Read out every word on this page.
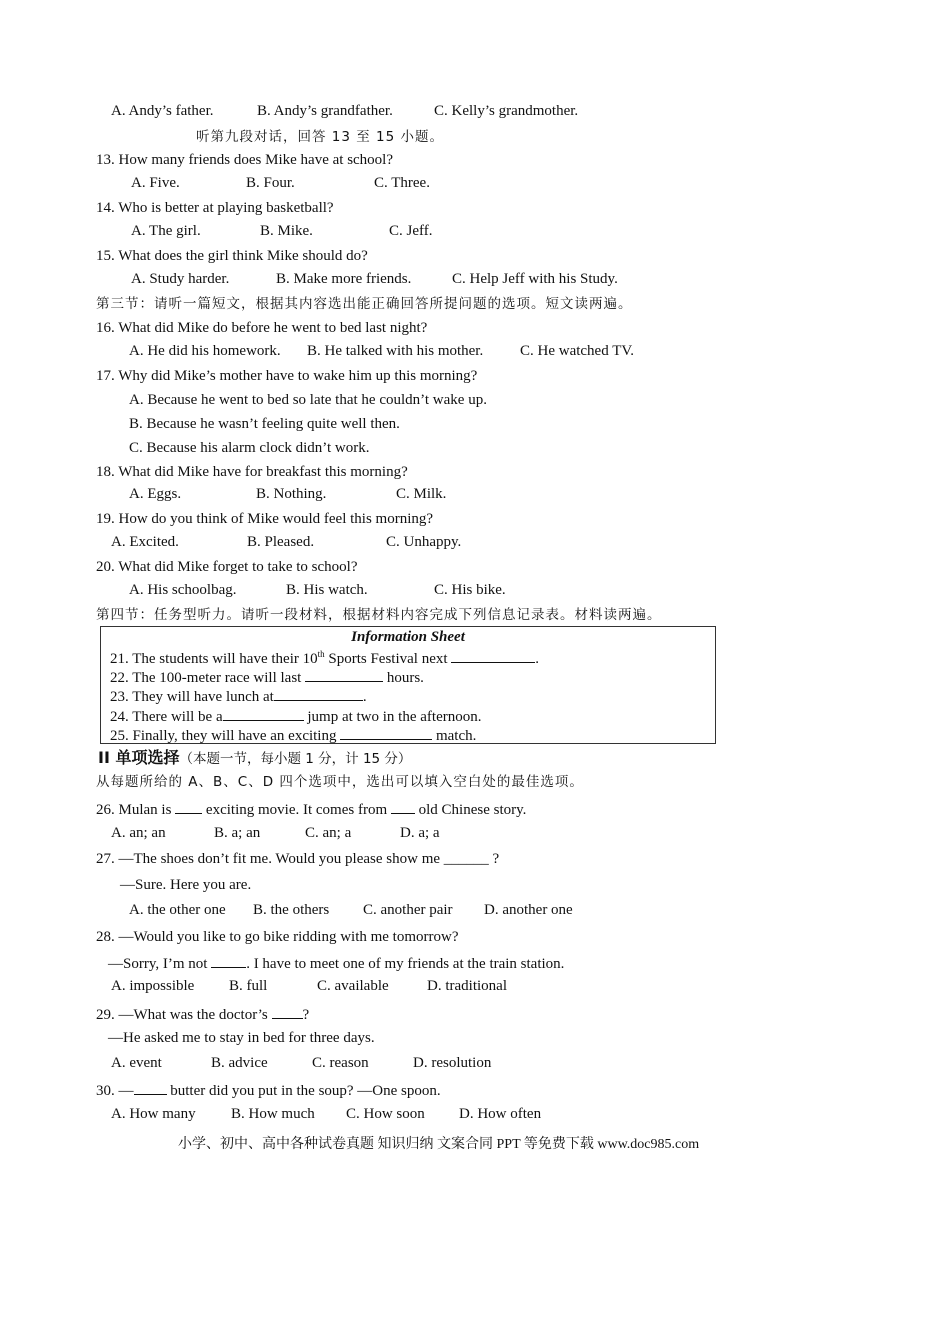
A. Andy’s father.	B. Andy’s grandfather.	C. Kelly’s grandmother.
听第九段对话，回答 13 至 15 小题。
13. How many friends does Mike have at school?
A. Five.	B. Four.	C. Three.
14. Who is better at playing basketball?
A. The girl.	B. Mike.	C. Jeff.
15. What does the girl think Mike should do?
A. Study harder.	B. Make more friends.	C. Help Jeff with his Study.
第三节：请听一篇短文，根据其内容选出能正确回答所提问题的选项。短文读两遍。
16. What did Mike do before he went to bed last night?
A. He did his homework. B. He talked with his mother. C. He watched TV.
17. Why did Mike’s mother have to wake him up this morning?
A. Because he went to bed so late that he couldn’t wake up.
B. Because he wasn’t feeling quite well then.
C. Because his alarm clock didn’t work.
18. What did Mike have for breakfast this morning?
A. Eggs.	B. Nothing.	C. Milk.
19. How do you think of Mike would feel this morning?
A. Excited.	B. Pleased.	C. Unhappy.
20. What did Mike forget to take to school?
A. His schoolbag.	B. His watch.	C. His bike.
第四节：任务型听力。请听一段材料，根据材料内容完成下列信息记录表。材料读两遍。
Information Sheet
21. The students will have their 10th Sports Festival next	.
22. The 100-meter race will last	hours.
23. They will have lunch at	.
24. There will be a	jump at two in the afternoon.
25. Finally, they will have an exciting	match.
II 单项选择（本题一节，每小题 1 分，计 15 分）
从每题所给的 A、B、C、D 四个选项中，选出可以填入空白处的最佳选项。
26. Mulan is  exciting movie. It comes from  old Chinese story.
A. an; an	B. a; an	C. an; a	D. a; a
27. —The shoes don’t fit me. Would you please show me ______ ?
—Sure. Here you are.
A. the other one B. the others C. another pair D. another one
28. —Would you like to go bike ridding with me tomorrow?
—Sorry, I’m not . I have to meet one of my friends at the train station.
A. impossible B. full	C. available	D. traditional
29. —What was the doctor’s ?
—He asked me to stay in bed for three days.
A. event	B. advice	C. reason	D. resolution
30. — butter did you put in the soup? —One spoon.
A. How many B. How much C. How soon D. How often
小学、初中、高中各种试卷真题 知识归纳 文案合同 PPT 等免费下载 www.doc985.com
